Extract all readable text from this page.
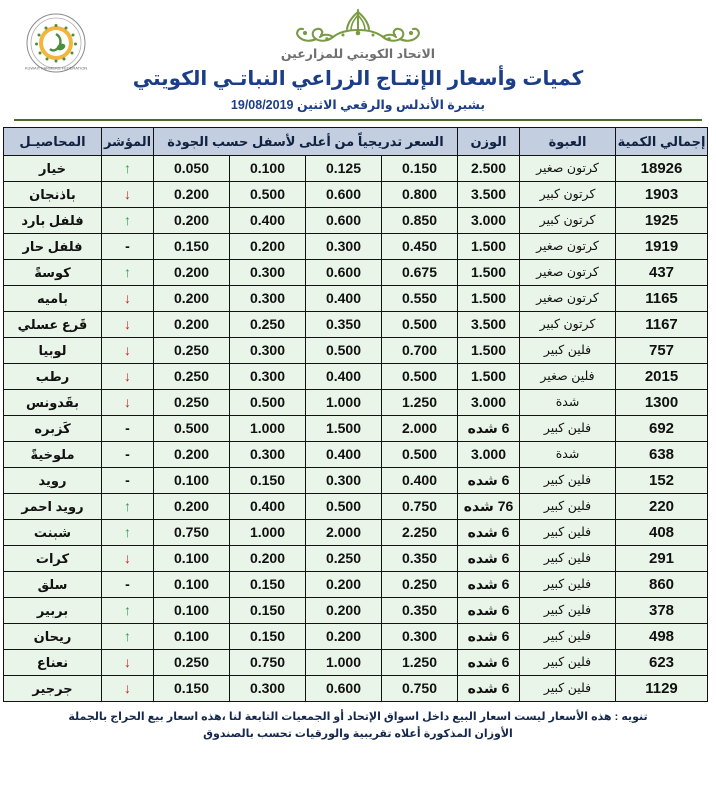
الاتحاد الكويتي للمزارعين
كميات وأسعار الإنتـاج الزراعي النباتـي الكويتي
بشبرة الأندلس والرقعي الاثنين 19/08/2019
KUWAIT FARMERS FEDERATION
إجمالي الكمية	العبوة	الوزن	السعر تدريجياً من أعلى لأسفل حسب الجودة				المؤشر	المحاصيـل
18926	كرتون صغير	2.500	0.150	0.125	0.100	0.050	↑	خيار
1903	كرتون كبير	3.500	0.800	0.600	0.500	0.200	↓	باذنجان
1925	كرتون كبير	3.000	0.850	0.600	0.400	0.200	↑	فلفل بارد
1919	كرتون صغير	1.500	0.450	0.300	0.200	0.150	-	فلفل حار
437	كرتون صغير	1.500	0.675	0.600	0.300	0.200	↑	كوسةً
1165	كرتون صغير	1.500	0.550	0.400	0.300	0.200	↓	باميه
1167	كرتون كبير	3.500	0.500	0.350	0.250	0.200	↓	قَرع عسلي
757	فلين كبير	1.500	0.700	0.500	0.300	0.250	↓	لوبيا
2015	فلين صغير	1.500	0.500	0.400	0.300	0.250	↓	رطب
1300	شدة	3.000	1.250	1.000	0.500	0.250	↓	بقَدونس
692	فلين كبير	6 شده	2.000	1.500	1.000	0.500	-	كَزبره
638	شدة	3.000	0.500	0.400	0.300	0.200	-	ملوخيةً
152	فلين كبير	6 شده	0.400	0.300	0.150	0.100	-	رويد
220	فلين كبير	76 شده	0.750	0.500	0.400	0.200	↑	رويد احمر
408	فلين كبير	6 شده	2.250	2.000	1.000	0.750	↑	شبنت
291	فلين كبير	6 شده	0.350	0.250	0.200	0.100	↓	كرات
860	فلين كبير	6 شده	0.250	0.200	0.150	0.100	-	سلق
378	فلين كبير	6 شده	0.350	0.200	0.150	0.100	↑	بربير
498	فلين كبير	6 شده	0.300	0.200	0.150	0.100	↑	ريحان
623	فلين كبير	6 شده	1.250	1.000	0.750	0.250	↓	نعناع
1129	فلين كبير	6 شده	0.750	0.600	0.300	0.150	↓	جرجير
تنويه : هذه الأسعار ليست اسعار البيع داخل اسواق الإتحاد أو الجمعيات التابعة لنا ،هذه اسعار بيع الحراج بالجملة
الأوزان المذكورة أعلاه تقريبية والورقيات تحسب بالصندوق
